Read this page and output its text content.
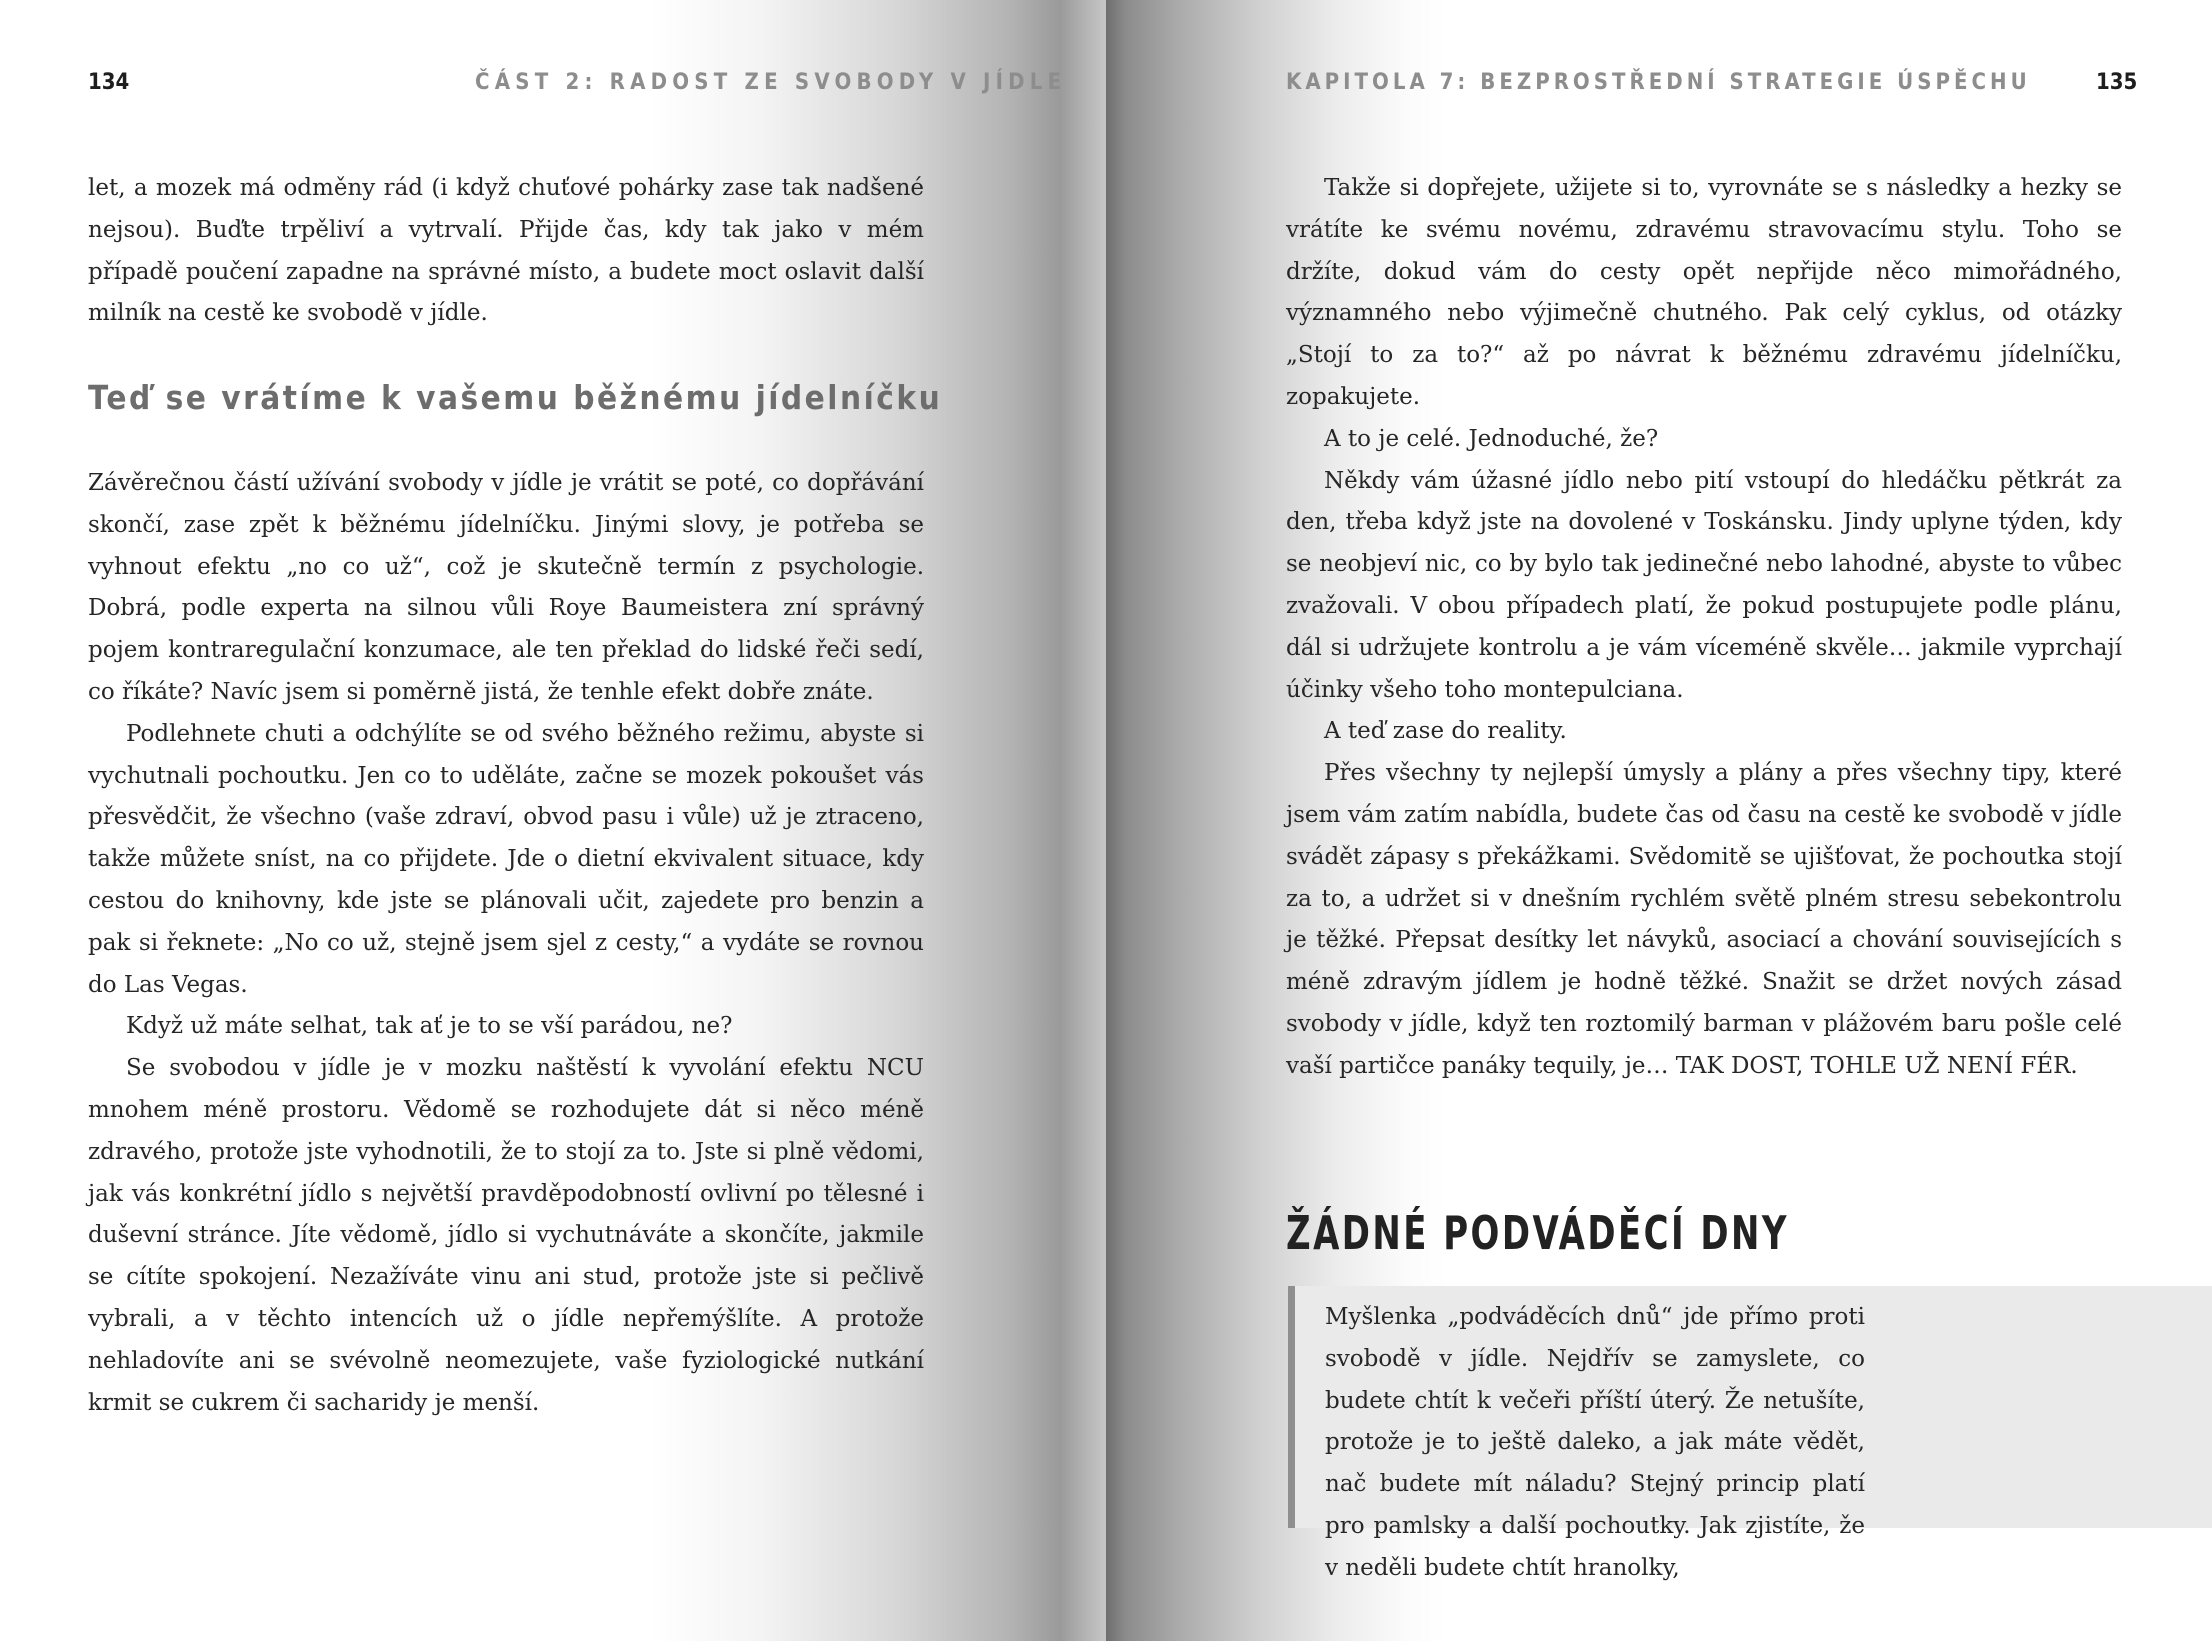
134	ČÁST 2: RADOST ZE SVOBODY V JÍDLE

let, a mozek má odměny rád (i když chuťové pohárky zase tak nadšené nejsou). Buďte trpěliví a vytrvalí. Přijde čas, kdy tak jako v mém případě poučení zapadne na správné místo, a budete moct oslavit další milník na cestě ke svobodě v jídle.

Teď se vrátíme k vašemu běžnému jídelníčku

Závěrečnou částí užívání svobody v jídle je vrátit se poté, co dopřávání skončí, zase zpět k běžnému jídelníčku. Jinými slovy, je potřeba se vyhnout efektu „no co už“, což je skutečně termín z psychologie. Dobrá, podle experta na silnou vůli Roye Baumeistera zní správný pojem kontraregulační konzumace, ale ten překlad do lidské řeči sedí, co říkáte? Navíc jsem si poměrně jistá, že tenhle efekt dobře znáte.

Podlehnete chuti a odchýlíte se od svého běžného režimu, abyste si vychutnali pochoutku. Jen co to uděláte, začne se mozek pokoušet vás přesvědčit, že všechno (vaše zdraví, obvod pasu i vůle) už je ztraceno, takže můžete sníst, na co přijdete. Jde o dietní ekvivalent situace, kdy cestou do knihovny, kde jste se plánovali učit, zajedete pro benzin a pak si řeknete: „No co už, stejně jsem sjel z cesty,“ a vydáte se rovnou do Las Vegas.

Když už máte selhat, tak ať je to se vší parádou, ne?

Se svobodou v jídle je v mozku naštěstí k vyvolání efektu NCU mnohem méně prostoru. Vědomě se rozhodujete dát si něco méně zdravého, protože jste vyhodnotili, že to stojí za to. Jste si plně vědomi, jak vás konkrétní jídlo s největší pravděpodobností ovlivní po tělesné i duševní stránce. Jíte vědomě, jídlo si vychutnáváte a skončíte, jakmile se cítíte spokojení. Nezažíváte vinu ani stud, protože jste si pečlivě vybrali, a v těchto intencích už o jídle nepřemýšlíte. A protože nehladovíte ani se svévolně neomezujete, vaše fyziologické nutkání krmit se cukrem či sacharidy je menší.

KAPITOLA 7: BEZPROSTŘEDNÍ STRATEGIE ÚSPĚCHU	135

Takže si dopřejete, užijete si to, vyrovnáte se s následky a hezky se vrátíte ke svému novému, zdravému stravovacímu stylu. Toho se držíte, dokud vám do cesty opět nepřijde něco mimořádného, významného nebo výjimečně chutného. Pak celý cyklus, od otázky „Stojí to za to?“ až po návrat k běžnému zdravému jídelníčku, zopakujete.

A to je celé. Jednoduché, že?

Někdy vám úžasné jídlo nebo pití vstoupí do hledáčku pětkrát za den, třeba když jste na dovolené v Toskánsku. Jindy uplyne týden, kdy se neobjeví nic, co by bylo tak jedinečné nebo lahodné, abyste to vůbec zvažovali. V obou případech platí, že pokud postupujete podle plánu, dál si udržujete kontrolu a je vám víceméně skvěle… jakmile vyprchají účinky všeho toho montepulciana.

A teď zase do reality.

Přes všechny ty nejlepší úmysly a plány a přes všechny tipy, které jsem vám zatím nabídla, budete čas od času na cestě ke svobodě v jídle svádět zápasy s překážkami. Svědomitě se ujišťovat, že pochoutka stojí za to, a udržet si v dnešním rychlém světě plném stresu sebekontrolu je těžké. Přepsat desítky let návyků, asociací a chování souvisejících s méně zdravým jídlem je hodně těžké. Snažit se držet nových zásad svobody v jídle, když ten roztomilý barman v plážovém baru pošle celé vaší partičce panáky tequily, je… TAK DOST, TOHLE UŽ NENÍ FÉR.

ŽÁDNÉ PODVÁDĚCÍ DNY

Myšlenka „podváděcích dnů“ jde přímo proti svobodě v jídle. Nejdřív se zamyslete, co budete chtít k večeři příští úterý. Že netušíte, protože je to ještě daleko, a jak máte vědět, nač budete mít náladu? Stejný princip platí pro pamlsky a další pochoutky. Jak zjistíte, že v neděli budete chtít hranolky,
